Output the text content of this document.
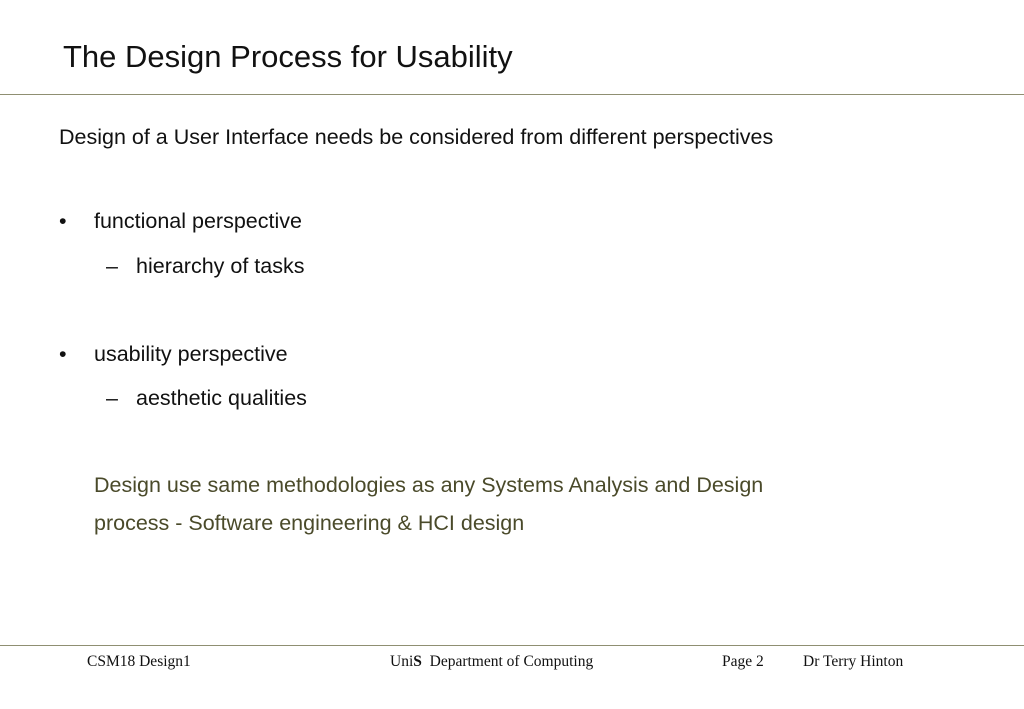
The Design Process for Usability
Design of a User Interface needs be considered from different perspectives
• functional perspective
– hierarchy of tasks
• usability perspective
– aesthetic qualities

Design use same methodologies as any Systems Analysis and Design

process - Software engineering & HCI design

CSM18 Design1	UniS  Department of Computing	Page 2	Dr Terry Hinton
